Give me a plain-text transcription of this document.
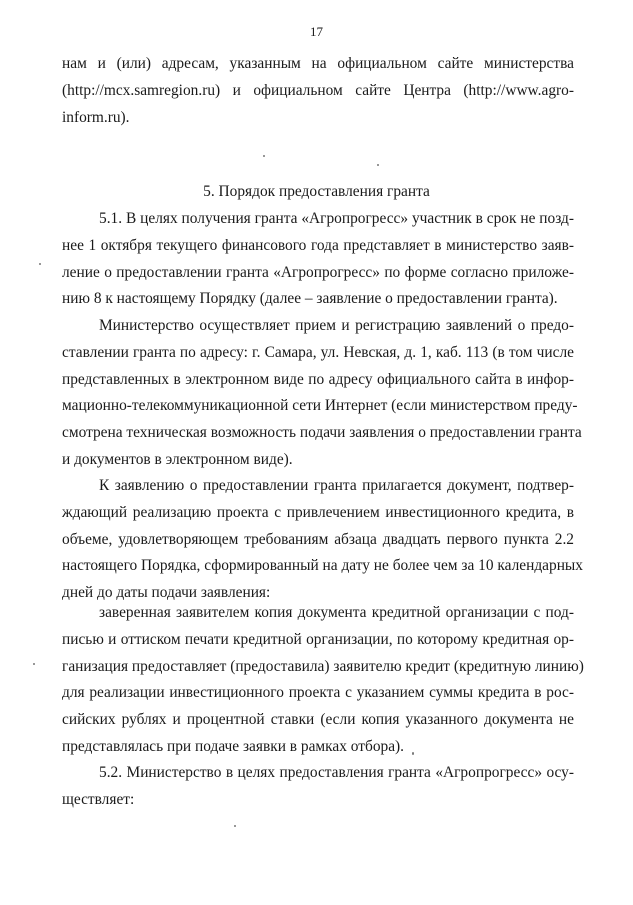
17
нам и (или) адресам, указанным на официальном сайте министерства
(http://mcx.samregion.ru) и официальном сайте Центра (http://www.agro-
inform.ru).
5. Порядок предоставления гранта
5.1. В целях получения гранта «Агропрогресс» участник в срок не позд-
нее 1 октября текущего финансового года представляет в министерство заяв-
ление о предоставлении гранта «Агропрогресс» по форме согласно приложе-
нию 8 к настоящему Порядку (далее – заявление о предоставлении гранта).
Министерство осуществляет прием и регистрацию заявлений о предо-
ставлении гранта по адресу: г. Самара, ул. Невская, д. 1, каб. 113 (в том числе
представленных в электронном виде по адресу официального сайта в инфор-
мационно-телекоммуникационной сети Интернет (если министерством преду-
смотрена техническая возможность подачи заявления о предоставлении гранта
и документов в электронном виде).
К заявлению о предоставлении гранта прилагается документ, подтвер-
ждающий реализацию проекта с привлечением инвестиционного кредита, в
объеме, удовлетворяющем требованиям абзаца двадцать первого пункта 2.2
настоящего Порядка, сформированный на дату не более чем за 10 календарных
дней до даты подачи заявления:
заверенная заявителем копия документа кредитной организации с под-
писью и оттиском печати кредитной организации, по которому кредитная ор-
ганизация предоставляет (предоставила) заявителю кредит (кредитную линию)
для реализации инвестиционного проекта с указанием суммы кредита в рос-
сийских рублях и процентной ставки (если копия указанного документа не
представлялась при подаче заявки в рамках отбора).
5.2. Министерство в целях предоставления гранта «Агропрогресс» осу-
ществляет:
